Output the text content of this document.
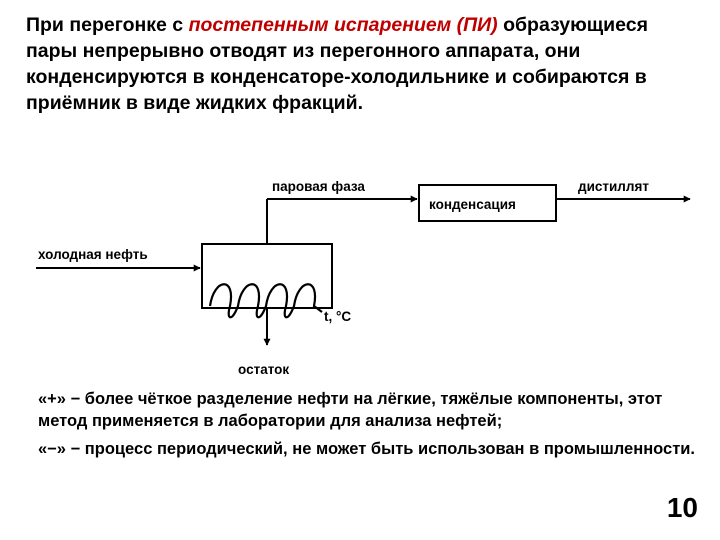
При перегонке с постепенным испарением (ПИ) образующиеся пары непрерывно отводят из перегонного аппарата, они конденсируются в конденсаторе-холодильнике и собираются в приёмник в виде жидких фракций.

холодная нефть
t, °C
остаток
паровая фаза
конденсация
дистиллят

«+» − более чёткое разделение нефти на лёгкие, тяжёлые компоненты, этот метод применяется в лаборатории для анализа нефтей;

«−» − процесс периодический, не может быть использован в промышленности.

10
